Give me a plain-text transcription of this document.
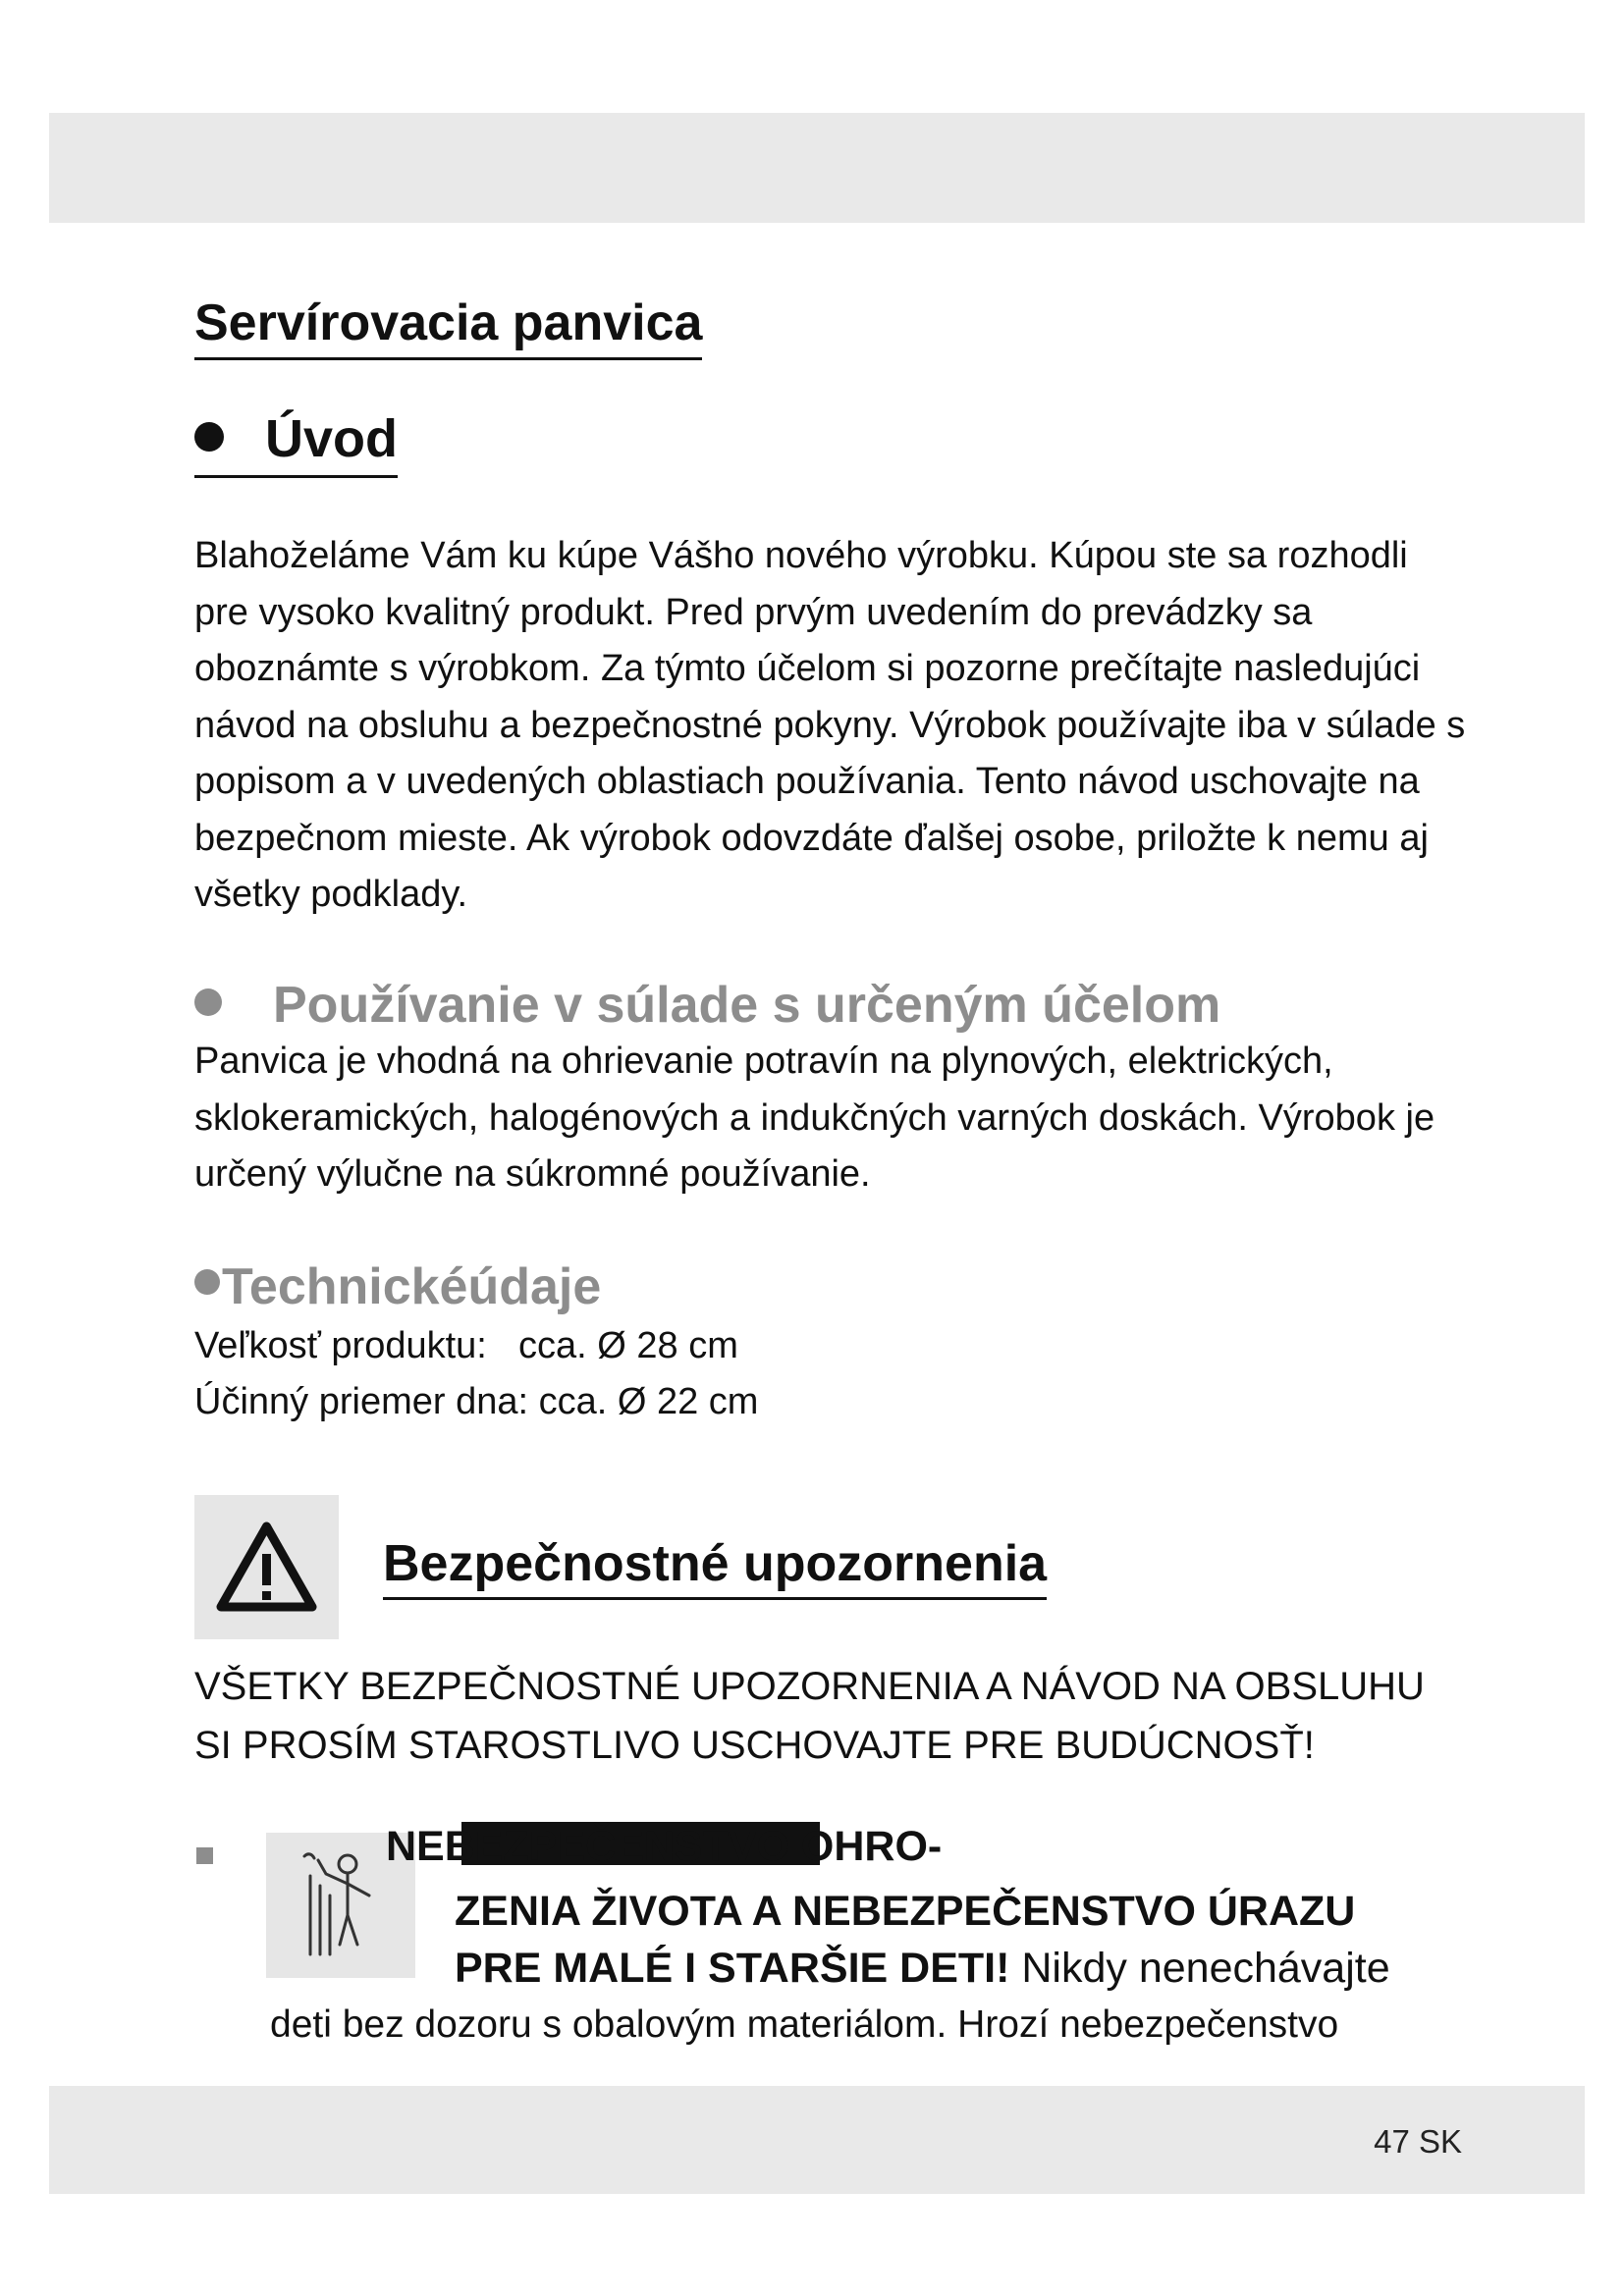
Servírovacia panvica
Úvod

Blahoželáme Vám ku kúpe Vášho nového výrobku. Kúpou ste sa rozhodli pre vysoko kvalitný produkt. Pred prvým uvedením do prevádzky sa oboznámte s výrobkom. Za týmto účelom si pozorne prečítajte nasledujúci návod na obsluhu a bezpečnostné pokyny. Výrobok používajte iba v súlade s popisom a v uvedených oblastiach používania. Tento návod uschovajte na bezpečnom mieste. Ak výrobok odovzdáte ďalšej osobe, priložte k nemu aj všetky podklady.

Používanie v súlade s určeným účelom

Panvica je vhodná na ohrievanie potravín na plynových, elektrických, sklokeramických, halogénových a indukčných varných doskách. Výrobok je určený výlučne na súkromné používanie.

Technickéúdaje
Veľkosť produktu: cca. Ø 28 cm
Účinný priemer dna: cca. Ø 22 cm
Bezpečnostné upozornenia
VŠETKY BEZPEČNOSTNÉ UPOZORNENIA A NÁVOD NA OBSLUHU
SI PROSÍM STAROSTLIVO USCHOVAJTE PRE BUDÚCNOSŤ!

NEBEZPEČENSTVO OHRO-

ZENIA ŽIVOTA A NEBEZPEČENSTVO ÚRAZU

PRE MALÉ I STARŠIE DETI! Nikdy nenechávajte

deti bez dozoru s obalovým materiálom. Hrozí nebezpečenstvo

47 SK
